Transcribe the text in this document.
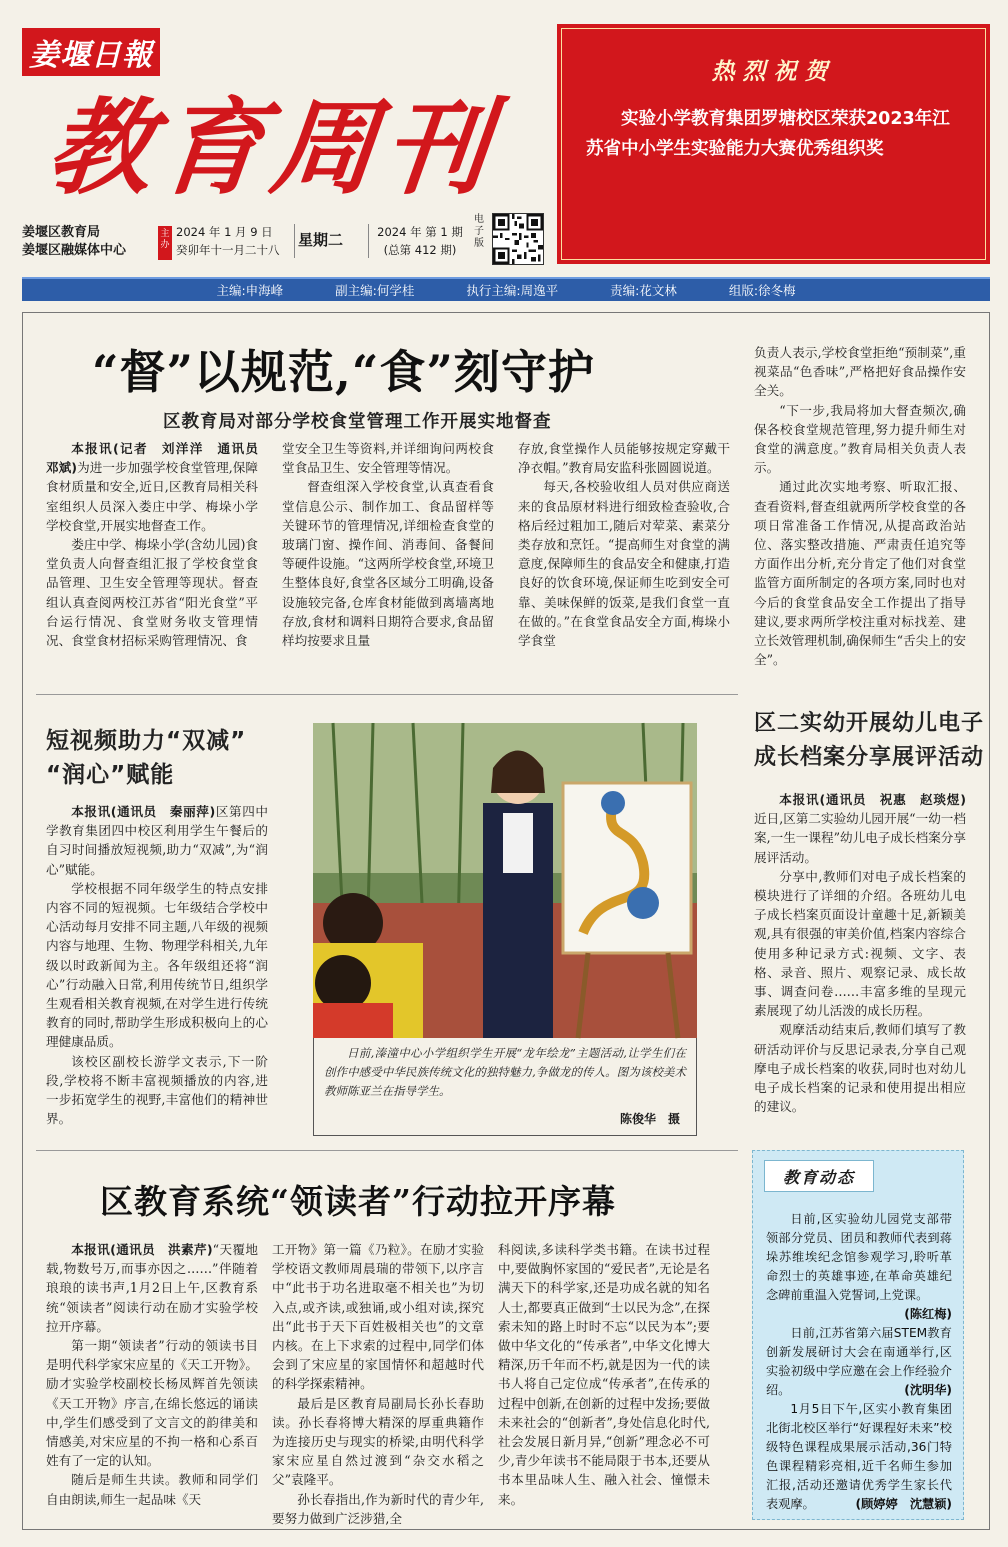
姜堰日報
教育周刊
姜堰区教育局
姜堰区融媒体中心
主办
2024 年 1 月 9 日
癸卯年十一月二十八
星期二	2024 年 第 1 期
(总第 412 期)
电子版
热烈祝贺
实验小学教育集团罗塘校区荣获2023年江苏省中小学生实验能力大赛优秀组织奖
主编:申海峰	副主编:何学桂	执行主编:周逸平	责编:花文林	组版:徐冬梅
“督”以规范,“食”刻守护
区教育局对部分学校食堂管理工作开展实地督查

本报讯(记者　刘洋洋　通讯员　邓斌)为进一步加强学校食堂管理,保障食材质量和安全,近日,区教育局相关科室组织人员深入娄庄中学、梅垛小学学校食堂,开展实地督查工作。

娄庄中学、梅垛小学(含幼儿园)食堂负责人向督查组汇报了学校食堂食品管理、卫生安全管理等现状。督查组认真查阅两校江苏省“阳光食堂”平台运行情况、食堂财务收支管理情况、食堂食材招标采购管理情况、食

堂安全卫生等资料,并详细询问两校食堂食品卫生、安全管理等情况。

督查组深入学校食堂,认真查看食堂信息公示、制作加工、食品留样等关键环节的管理情况,详细检查食堂的玻璃门窗、操作间、消毒间、备餐间等硬件设施。“这两所学校食堂,环境卫生整体良好,食堂各区域分工明确,设备设施较完备,仓库食材能做到离墙离地存放,食材和调料日期符合要求,食品留样均按要求且量

存放,食堂操作人员能够按规定穿戴干净衣帽。”教育局安监科张圆圆说道。

每天,各校验收组人员对供应商送来的食品原材料进行细致检查验收,合格后经过粗加工,随后对荤菜、素菜分类存放和烹饪。“提高师生对食堂的满意度,保障师生的食品安全和健康,打造良好的饮食环境,保证师生吃到安全可靠、美味保鲜的饭菜,是我们食堂一直在做的。”在食堂食品安全方面,梅垛小学食堂

负责人表示,学校食堂拒绝“预制菜”,重视菜品“色香味”,严格把好食品操作安全关。

“下一步,我局将加大督查频次,确保各校食堂规范管理,努力提升师生对食堂的满意度。”教育局相关负责人表示。

通过此次实地考察、听取汇报、查看资料,督查组就两所学校食堂的各项日常准备工作情况,从提高政治站位、落实整改措施、严肃责任追究等方面作出分析,充分肯定了他们对食堂监管方面所制定的各项方案,同时也对今后的食堂食品安全工作提出了指导建议,要求两所学校注重对标找差、建立长效管理机制,确保师生“舌尖上的安全”。

短视频助力“双减”
“润心”赋能

本报讯(通讯员　秦丽萍)区第四中学教育集团四中校区利用学生午餐后的自习时间播放短视频,助力“双减”,为“润心”赋能。

学校根据不同年级学生的特点安排内容不同的短视频。七年级结合学校中心活动每月安排不同主题,八年级的视频内容与地理、生物、物理学科相关,九年级以时政新闻为主。各年级组还将“润心”行动融入日常,利用传统节日,组织学生观看相关教育视频,在对学生进行传统教育的同时,帮助学生形成积极向上的心理健康品质。

该校区副校长游学文表示,下一阶段,学校将不断丰富视频播放的内容,进一步拓宽学生的视野,丰富他们的精神世界。

日前,溱潼中心小学组织学生开展“龙年绘龙”主题活动,让学生们在创作中感受中华民族传统文化的独特魅力,争做龙的传人。图为该校美术教师陈亚兰在指导学生。
陈俊华　摄
区二实幼开展幼儿电子
成长档案分享展评活动

本报讯(通讯员　祝惠　赵琰煜)近日,区第二实验幼儿园开展“一幼一档案,一生一课程”幼儿电子成长档案分享展评活动。

分享中,教师们对电子成长档案的模块进行了详细的介绍。各班幼儿电子成长档案页面设计童趣十足,新颖美观,具有很强的审美价值,档案内容综合使用多种记录方式:视频、文字、表格、录音、照片、观察记录、成长故事、调查问卷……丰富多维的呈现元素展现了幼儿活泼的成长历程。

观摩活动结束后,教师们填写了教研活动评价与反思记录表,分享自己观摩电子成长档案的收获,同时也对幼儿电子成长档案的记录和使用提出相应的建议。

区教育系统“领读者”行动拉开序幕

本报讯(通讯员　洪素芹)“天覆地载,物数号万,而事亦因之……”伴随着琅琅的读书声,1月2日上午,区教育系统“领读者”阅读行动在励才实验学校拉开序幕。

第一期“领读者”行动的领读书目是明代科学家宋应星的《天工开物》。励才实验学校副校长杨凤辉首先领读《天工开物》序言,在绵长悠远的诵读中,学生们感受到了文言文的韵律美和情感美,对宋应星的不拘一格和心系百姓有了一定的认知。

随后是师生共读。教师和同学们自由朗读,师生一起品味《天

工开物》第一篇《乃粒》。在励才实验学校语文教师周晨瑞的带领下,以序言中“此书于功名进取毫不相关也”为切入点,或齐读,或独诵,或小组对读,探究出“此书于天下百姓极相关也”的文章内核。在上下求索的过程中,同学们体会到了宋应星的家国情怀和超越时代的科学探索精神。

最后是区教育局副局长孙长春助读。孙长春将博大精深的厚重典籍作为连接历史与现实的桥梁,由明代科学家宋应星自然过渡到“杂交水稻之父”袁隆平。

孙长春指出,作为新时代的青少年,要努力做到广泛涉猎,全

科阅读,多读科学类书籍。在读书过程中,要做胸怀家国的“爱民者”,无论是名满天下的科学家,还是功成名就的知名人士,都要真正做到“士以民为念”,在探索未知的路上时时不忘“以民为本”;要做中华文化的“传承者”,中华文化博大精深,历千年而不朽,就是因为一代的读书人将自己定位成“传承者”,在传承的过程中创新,在创新的过程中发扬;要做未来社会的“创新者”,身处信息化时代,社会发展日新月异,“创新”理念必不可少,青少年读书不能局限于书本,还要从书本里品味人生、融入社会、憧憬未来。

教育动态

日前,区实验幼儿园党支部带领部分党员、团员和教师代表到蒋垛苏维埃纪念馆参观学习,聆听革命烈士的英雄事迹,在革命英雄纪念碑前重温入党誓词,上党课。
(陈红梅)

日前,江苏省第六届STEM教育创新发展研讨大会在南通举行,区实验初级中学应邀在会上作经验介绍。	(沈明华)

1月5日下午,区实小教育集团北街北校区举行“好课程好未来”校级特色课程成果展示活动,36门特色课程精彩亮相,近千名师生参加汇报,活动还邀请优秀学生家长代表观摩。	(顾婷婷　沈慧颖)
